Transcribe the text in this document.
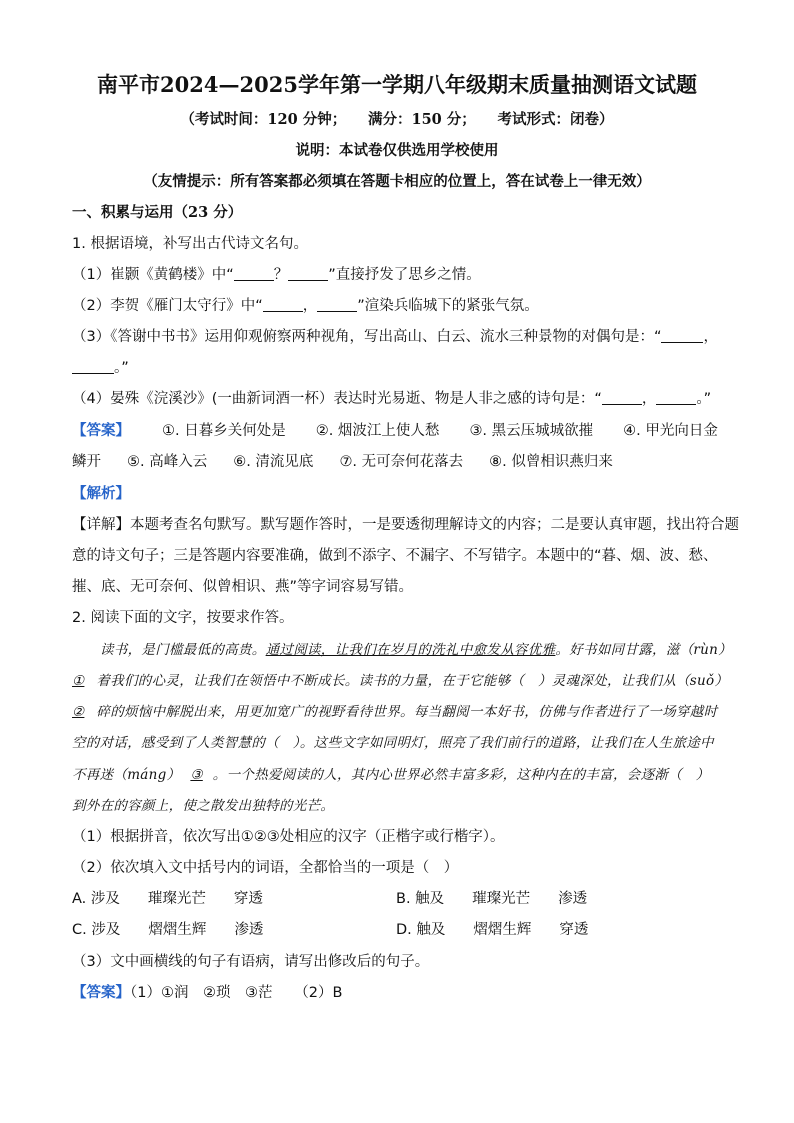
南平市2024—2025学年第一学期八年级期末质量抽测语文试题
（考试时间：120 分钟；　　满分：150 分；　　考试形式：闭卷）
说明：本试卷仅供选用学校使用
（友情提示：所有答案都必须填在答题卡相应的位置上，答在试卷上一律无效）
一、积累与运用（23 分）
1. 根据语境，补写出古代诗文名句。
（1）崔颢《黄鹤楼》中“	？	”直接抒发了思乡之情。
（2）李贺《雁门太守行》中“	，	”渲染兵临城下的紧张气氛。
（3）《答谢中书书》运用仰观俯察两种视角，写出高山、白云、流水三种景物的对偶句是：“	，
。”
（4）晏殊《浣溪沙》(一曲新词酒一杯）表达时光易逝、物是人非之感的诗句是：“	，	。”
【答案】 ①. 日暮乡关何处是 ②. 烟波江上使人愁 ③. 黑云压城城欲摧 ④. 甲光向日金
鳞开 ⑤. 高峰入云 ⑥. 清流见底 ⑦. 无可奈何花落去 ⑧. 似曾相识燕归来
【解析】
【详解】本题考查名句默写。默写题作答时，一是要透彻理解诗文的内容；二是要认真审题，找出符合题
意的诗文句子；三是答题内容要准确，做到不添字、不漏字、不写错字。本题中的“暮、烟、波、愁、
摧、底、无可奈何、似曾相识、燕”等字词容易写错。
2. 阅读下面的文字，按要求作答。
读书，是门槛最低的高贵。通过阅读，让我们在岁月的洗礼中愈发从容优雅。好书如同甘露，滋（rùn）
① 着我们的心灵，让我们在领悟中不断成长。读书的力量，在于它能够（　）灵魂深处，让我们从（suǒ）
② 碎的烦恼中解脱出来，用更加宽广的视野看待世界。每当翻阅一本好书，仿佛与作者进行了一场穿越时
空的对话，感受到了人类智慧的（　）。这些文字如同明灯，照亮了我们前行的道路，让我们在人生旅途中
不再迷（máng） ③ 。一个热爱阅读的人，其内心世界必然丰富多彩，这种内在的丰富，会逐渐（　）
到外在的容颜上，使之散发出独特的光芒。
（1）根据拼音，依次写出①②③处相应的汉字（正楷字或行楷字）。
（2）依次填入文中括号内的词语，全都恰当的一项是（　）
A. 涉及 璀璨光芒 穿透	B. 触及 璀璨光芒 渗透
C. 涉及 熠熠生辉 渗透	D. 触及 熠熠生辉 穿透
（3）文中画横线的句子有语病，请写出修改后的句子。
【答案】（1）①润　②琐　③茫　　（2）B
